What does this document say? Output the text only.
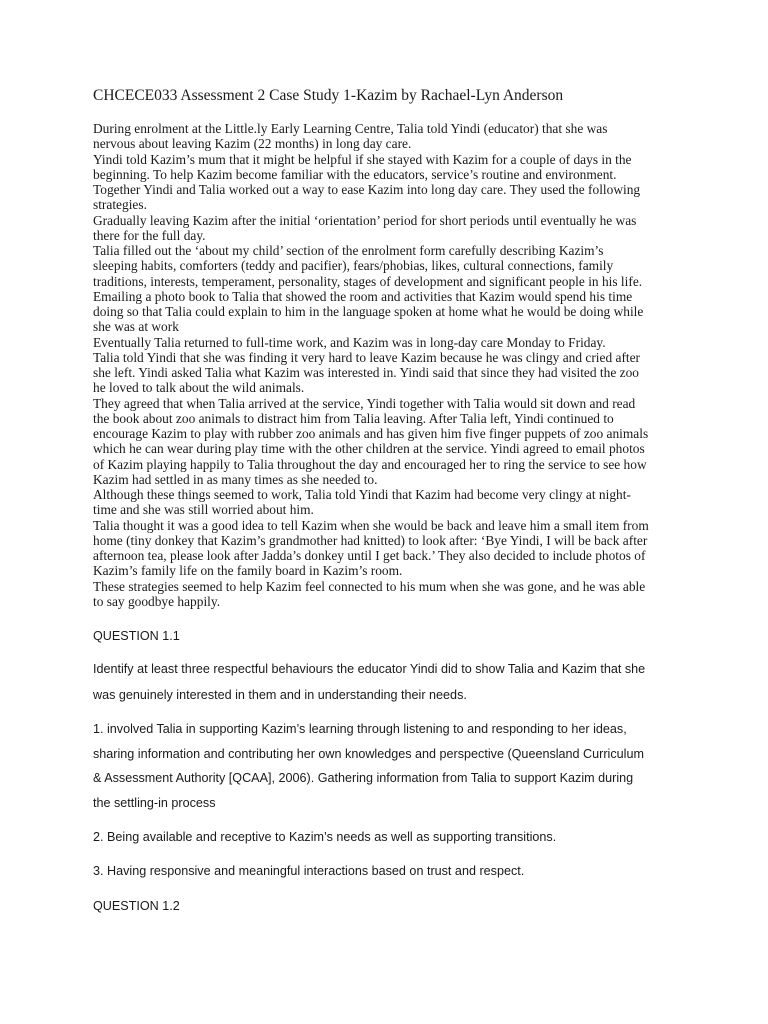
CHCECE033 Assessment 2 Case Study 1-Kazim by Rachael-Lyn Anderson
During enrolment at the Little.ly Early Learning Centre, Talia told Yindi (educator) that she was
nervous about leaving Kazim (22 months) in long day care.
Yindi told Kazim’s mum that it might be helpful if she stayed with Kazim for a couple of days in the
beginning. To help Kazim become familiar with the educators, service’s routine and environment.
Together Yindi and Talia worked out a way to ease Kazim into long day care. They used the following
strategies.
Gradually leaving Kazim after the initial ‘orientation’ period for short periods until eventually he was
there for the full day.
Talia filled out the ‘about my child’ section of the enrolment form carefully describing Kazim’s
sleeping habits, comforters (teddy and pacifier), fears/phobias, likes, cultural connections, family
traditions, interests, temperament, personality, stages of development and significant people in his life.
Emailing a photo book to Talia that showed the room and activities that Kazim would spend his time
doing so that Talia could explain to him in the language spoken at home what he would be doing while
she was at work
Eventually Talia returned to full-time work, and Kazim was in long-day care Monday to Friday.
Talia told Yindi that she was finding it very hard to leave Kazim because he was clingy and cried after
she left. Yindi asked Talia what Kazim was interested in. Yindi said that since they had visited the zoo
he loved to talk about the wild animals.
They agreed that when Talia arrived at the service, Yindi together with Talia would sit down and read
the book about zoo animals to distract him from Talia leaving. After Talia left, Yindi continued to
encourage Kazim to play with rubber zoo animals and has given him five finger puppets of zoo animals
which he can wear during play time with the other children at the service. Yindi agreed to email photos
of Kazim playing happily to Talia throughout the day and encouraged her to ring the service to see how
Kazim had settled in as many times as she needed to.
Although these things seemed to work, Talia told Yindi that Kazim had become very clingy at night-
time and she was still worried about him.
Talia thought it was a good idea to tell Kazim when she would be back and leave him a small item from
home (tiny donkey that Kazim’s grandmother had knitted) to look after: ‘Bye Yindi, I will be back after
afternoon tea, please look after Jadda’s donkey until I get back.’ They also decided to include photos of
Kazim’s family life on the family board in Kazim’s room.
These strategies seemed to help Kazim feel connected to his mum when she was gone, and he was able
to say goodbye happily.
QUESTION 1.1
Identify at least three respectful behaviours the educator Yindi did to show Talia and Kazim that she
was genuinely interested in them and in understanding their needs.
1. involved Talia in supporting Kazim’s learning through listening to and responding to her ideas,
sharing information and contributing her own knowledges and perspective (Queensland Curriculum
& Assessment Authority [QCAA], 2006). Gathering information from Talia to support Kazim during
the settling-in process
2. Being available and receptive to Kazim’s needs as well as supporting transitions.
3. Having responsive and meaningful interactions based on trust and respect.
QUESTION 1.2
